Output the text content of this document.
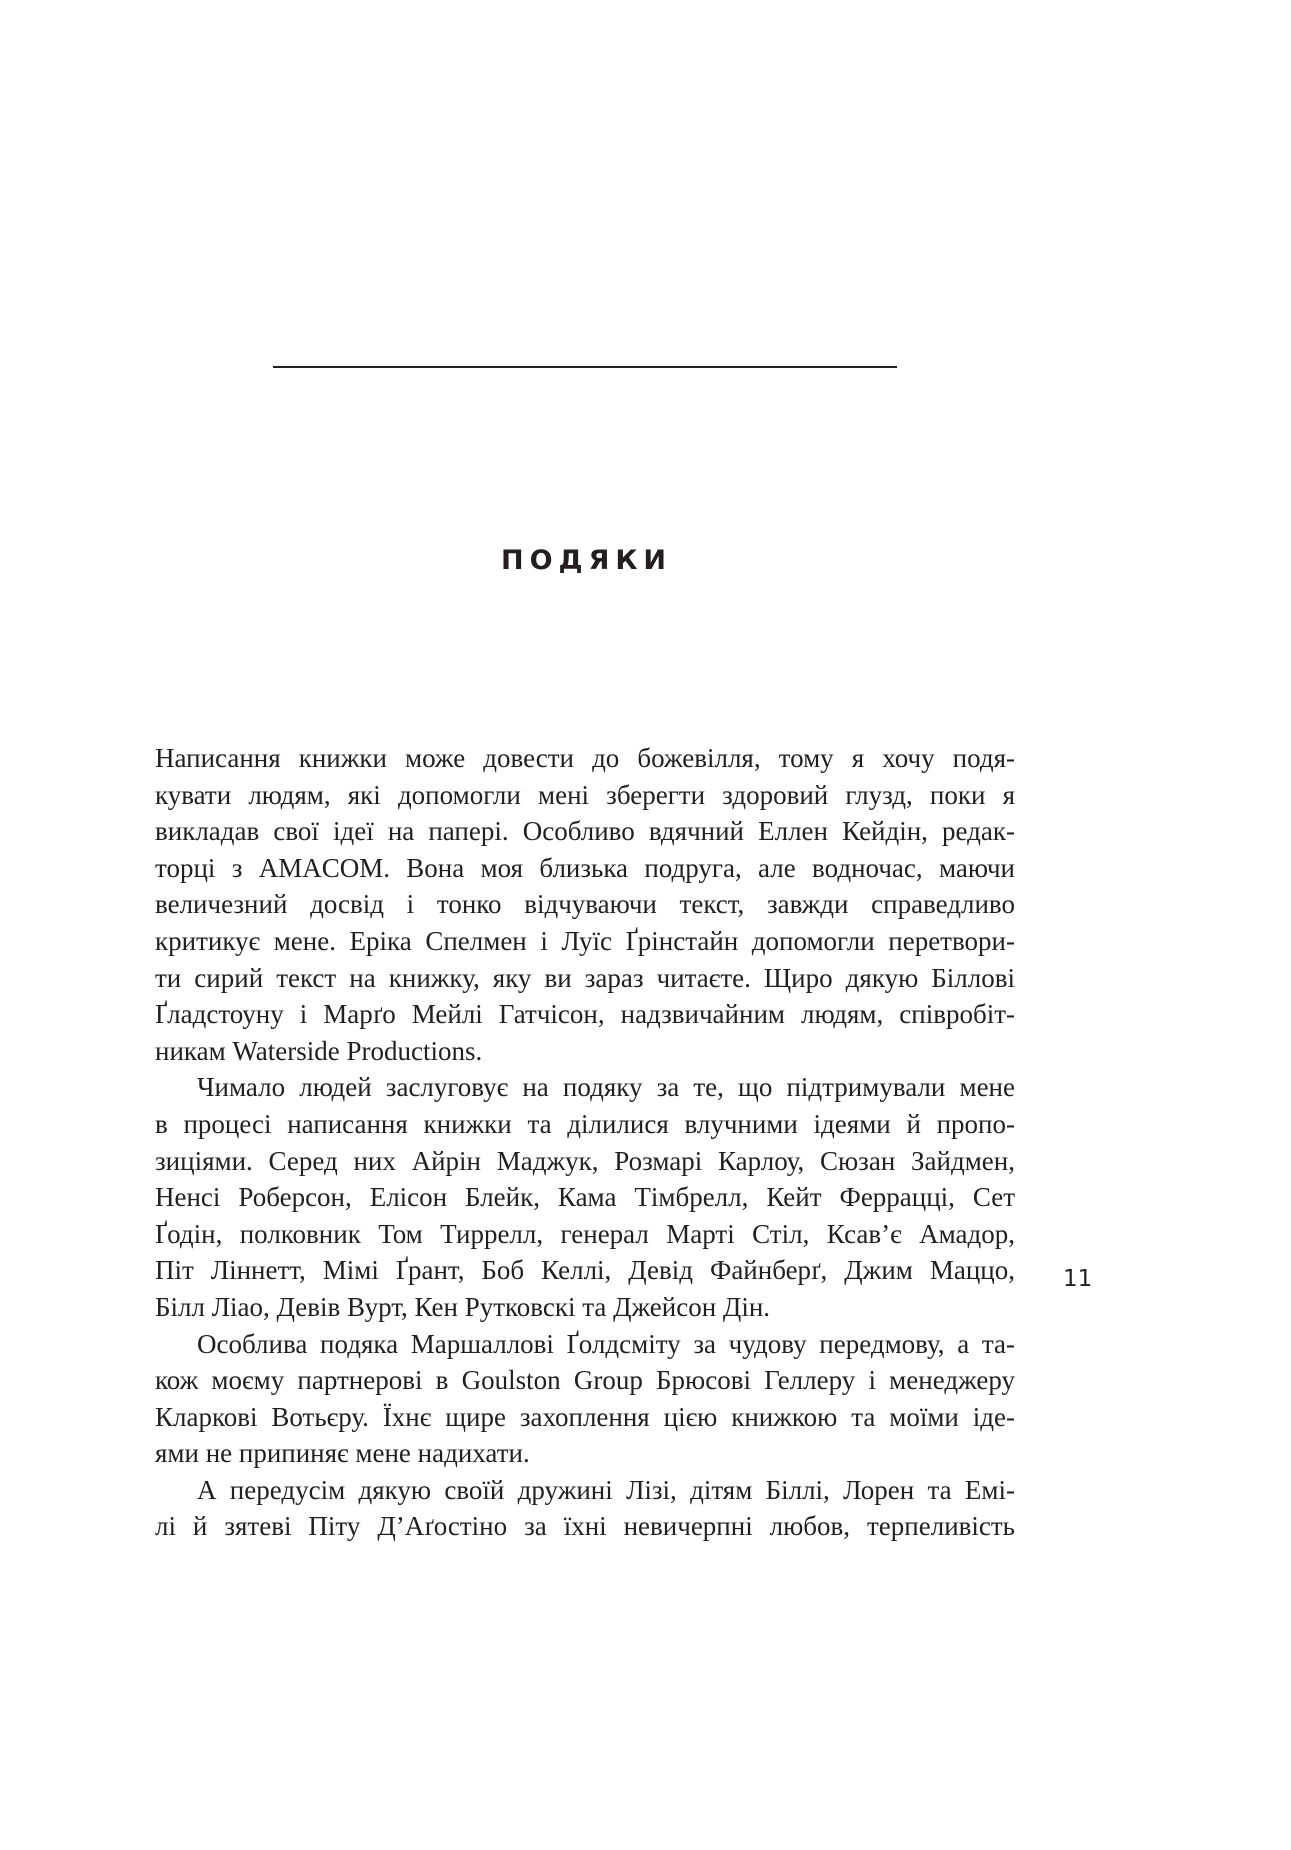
ПОДЯКИ

Написання книжки може довести до божевілля, тому я хочу подя-
кувати людям, які допомогли мені зберегти здоровий глузд, поки я
викладав свої ідеї на папері. Особливо вдячний Еллен Кейдін, редак-
торці з AMACOM. Вона моя близька подруга, але водночас, маючи
величезний досвід і тонко відчуваючи текст, завжди справедливо
критикує мене. Еріка Спелмен і Луїс Ґрінстайн допомогли перетвори-
ти сирий текст на книжку, яку ви зараз читаєте. Щиро дякую Біллові
Ґладстоуну і Марґо Мейлі Гатчісон, надзвичайним людям, співробіт-
никам Waterside Productions.

Чимало людей заслуговує на подяку за те, що підтримували мене
в процесі написання книжки та ділилися влучними ідеями й пропо-
зиціями. Серед них Айрін Маджук, Розмарі Карлоу, Сюзан Зайдмен,
Ненсі Роберсон, Елісон Блейк, Кама Тімбрелл, Кейт Феррацці, Сет
Ґодін, полковник Том Тиррелл, генерал Марті Стіл, Ксав’є Амадор,
Піт Ліннетт, Мімі Ґрант, Боб Келлі, Девід Файнберґ, Джим Маццо,
Білл Ліао, Девів Вурт, Кен Рутковскі та Джейсон Дін.

Особлива подяка Маршаллові Ґолдсміту за чудову передмову, а та-
кож моєму партнерові в Goulston Group Брюсові Геллеру і менеджеру
Кларкові Вотьєру. Їхнє щире захоплення цією книжкою та моїми іде-
ями не припиняє мене надихати.

А передусім дякую своїй дружині Лізі, дітям Біллі, Лорен та Емі-
лі й зятеві Піту Д’Аґостіно за їхні невичерпні любов, терпеливість

11
